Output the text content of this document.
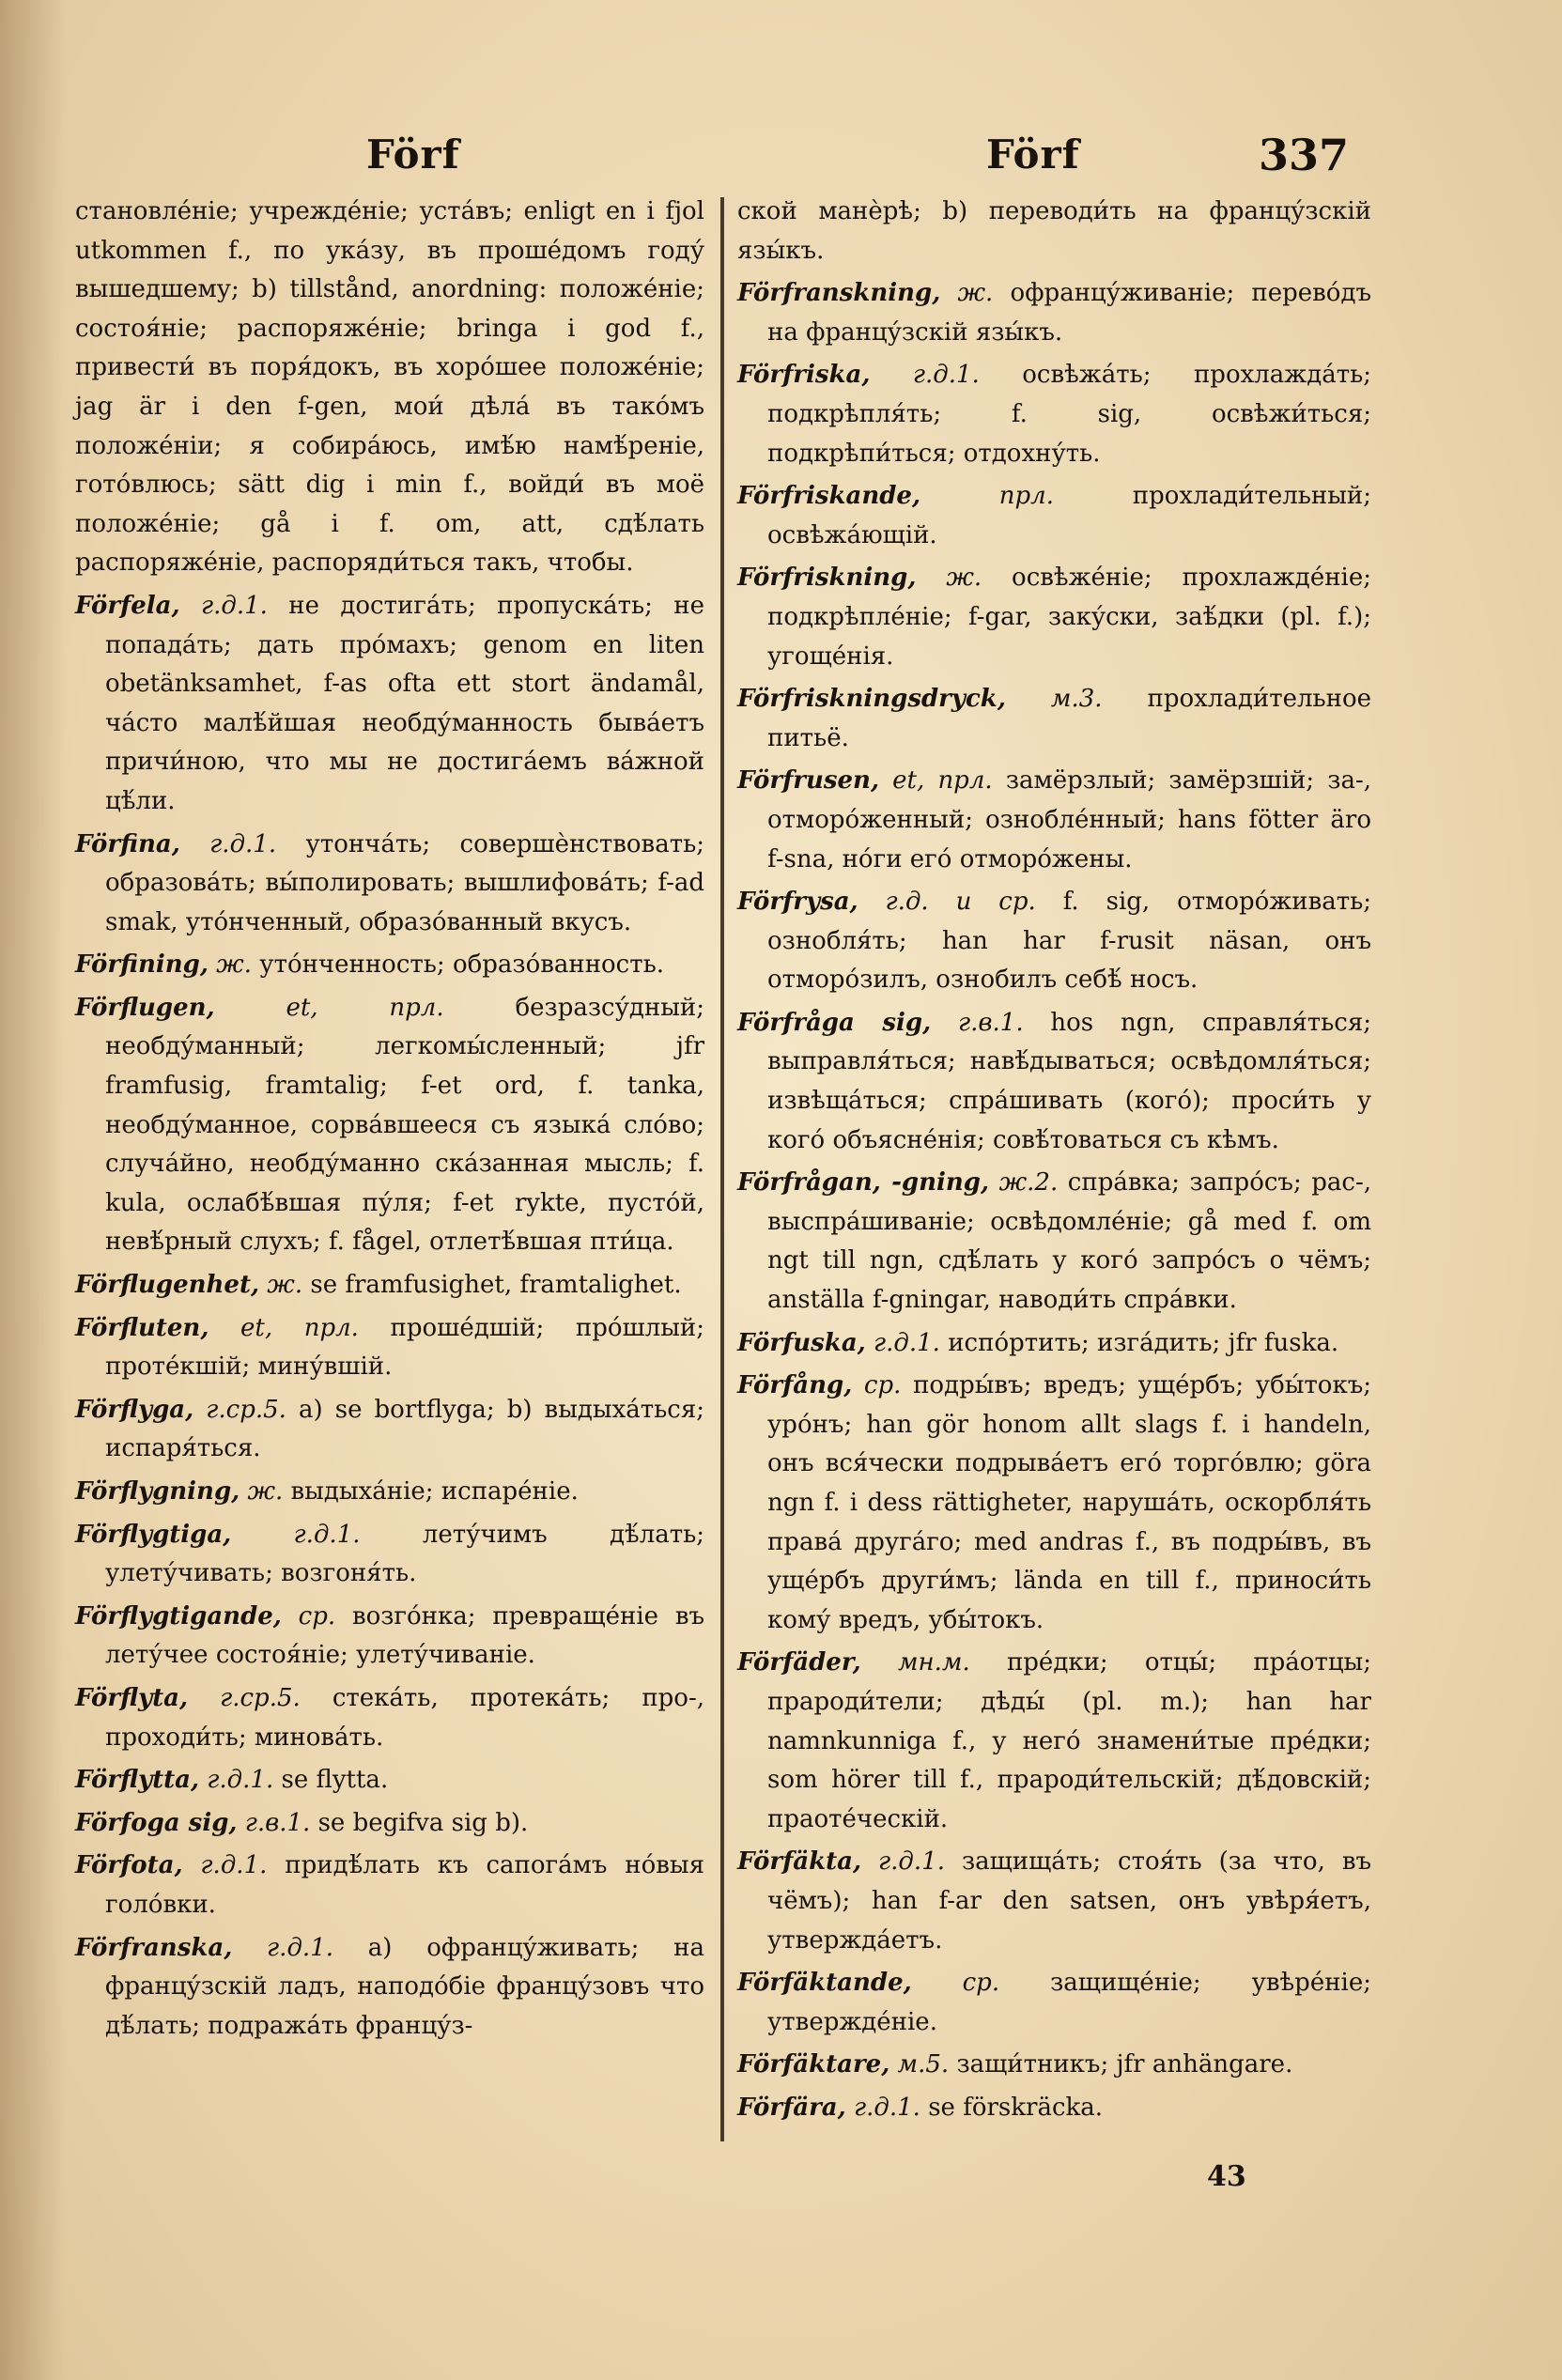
Förf	Förf	337

становле́ніе; учрежде́ніе; уста́въ; enligt en i fjol utkommen f., по ука́зу, въ проше́домъ году́ вышедшему; b) tillstånd, anordning: положе́ніе; состоя́ніе; распоряже́ніе; bringa i god f., привести́ въ поря́докъ, въ хоро́шее положе́ніе; jag är i den f-gen, мои́ дѣла́ въ тако́мъ положе́ніи; я собира́юсь, имѣ́ю намѣ́реніе, гото́влюсь; sätt dig i min f., войди́ въ моё положе́ніе; gå i f. om, att, сдѣ́лать распоряже́ніе, распоряди́ться такъ, чтобы.

Förfela, г.д.1. не достига́ть; пропуска́ть; не попада́ть; дать про́махъ; genom en liten obetänksamhet, f-as ofta ett stort ändamål, ча́сто малѣ́йшая необду́манность быва́етъ причи́ною, что мы не достига́емъ ва́жной цѣ́ли.

Förfina, г.д.1. утонча́ть; совершѐнствовать; образова́ть; вы́полировать; вышлифова́ть; f-ad smak, уто́нченный, образо́ванный вкусъ.

Förfining, ж. уто́нченность; образо́ванность.

Förflugen,	et, прл.	безразсу́дный; необду́манный; легкомы́сленный; jfr framfusig, framtalig; f-et ord, f. tanka, необду́манное, сорва́вшееся съ языка́ сло́во; случа́йно, необду́манно ска́занная мысль; f. kula, ослабѣ́вшая пу́ля; f-et rykte, пусто́й, невѣ́рный слухъ; f. fågel, отлетѣ́вшая пти́ца.

Förflugenhet, ж. se framfusighet, framtalighet.

Förfluten, et, прл. проше́дшій; про́шлый; проте́кшій; мину́вшій.

Förflyga, г.ср.5. a) se bortflyga; b) выдыха́ться; испаря́ться.

Förflygning, ж. выдыха́ніе; испаре́ніе.

Förflygtiga,	г.д.1.	лету́чимъ дѣ́лать; улету́чивать; возгоня́ть.

Förflygtigande, ср. возго́нка; превраще́ніе въ лету́чее состоя́ніе; улету́чиваніе.

Förflyta, г.ср.5. стека́ть, протека́ть; про-, проходи́ть; минова́ть.

Förflytta, г.д.1. se flytta.

Förfoga sig, г.в.1. se begifva sig b).

Förfota, г.д.1. придѣ́лать къ сапога́мъ но́выя голо́вки.

Förfranska, г.д.1. a) офранцу́живать; на францу́зскій ладъ, наподо́біе францу́зовъ что дѣ́лать; подража́ть францу́з-

ской манѐрѣ; b) переводи́ть на францу́зскій язы́къ.

Förfranskning, ж. офранцу́живаніе; перево́дъ на францу́зскій язы́къ.

Förfriska, г.д.1. освѣжа́ть; прохлажда́ть; подкрѣпля́ть; f. sig, освѣжи́ться; подкрѣпи́ться; отдохну́ть.

Förfriskande,	прл.	прохлади́тельный; освѣжа́ющій.

Förfriskning, ж. освѣже́ніе; прохлажде́ніе; подкрѣпле́ніе; f-gar, заку́ски, заѣ́дки (pl. f.); угоще́нія.

Förfriskningsdryck, м.3. прохлади́тельное питьё.

Förfrusen, et, прл. замёрзлый; замёрзшій; за-, отморо́женный; ознобле́нный; hans fötter äro f-sna, но́ги его́ отморо́жены.

Förfrysa, г.д. и ср. f. sig, отморо́живать; ознобля́ть; han har f-rusit näsan, онъ отморо́зилъ, ознобилъ себѣ́ носъ.

Förfråga sig, г.в.1. hos ngn, справля́ться; выправля́ться; навѣ́дываться; освѣдомля́ться; извѣща́ться; спра́шивать (кого́); проси́ть у кого́ объясне́нія; совѣ́товаться съ кѣмъ.

Förfrågan, -gning, ж.2. спра́вка; запро́съ; рас-, выспра́шиваніе; освѣдомле́ніе; gå med f. om ngt till ngn, сдѣ́лать у кого́ запро́съ о чёмъ; anställa f-gningar, наводи́ть спра́вки.

Förfuska, г.д.1. испо́ртить; изга́дить; jfr fuska.

Förfång, ср. подры́въ; вредъ; уще́рбъ; убы́токъ; уро́нъ; han gör honom allt slags f. i handeln, онъ вся́чески подрыва́етъ его́ торго́влю; göra ngn f. i dess rättigheter, наруша́ть, оскорбля́ть права́ друга́го; med andras f., въ подры́въ, въ уще́рбъ други́мъ; lända en till f., приноси́ть кому́ вредъ, убы́токъ.

Förfäder, мн.м. пре́дки; отцы́; пра́отцы; прароди́тели; дѣды́ (pl. m.); han har namnkunniga f., у него́ знамени́тые пре́дки; som hörer till f., прароди́тельскій; дѣ́довскій; праоте́ческій.

Förfäkta, г.д.1. защища́ть; стоя́ть (за что, въ чёмъ); han f-ar den satsen, онъ увѣря́етъ, утвержда́етъ.

Förfäktande, ср. защище́ніе; увѣре́ніе; утвержде́ніе.

Förfäktare, м.5. защи́тникъ; jfr anhängare.

Förfära, г.д.1. se förskräcka.

43
